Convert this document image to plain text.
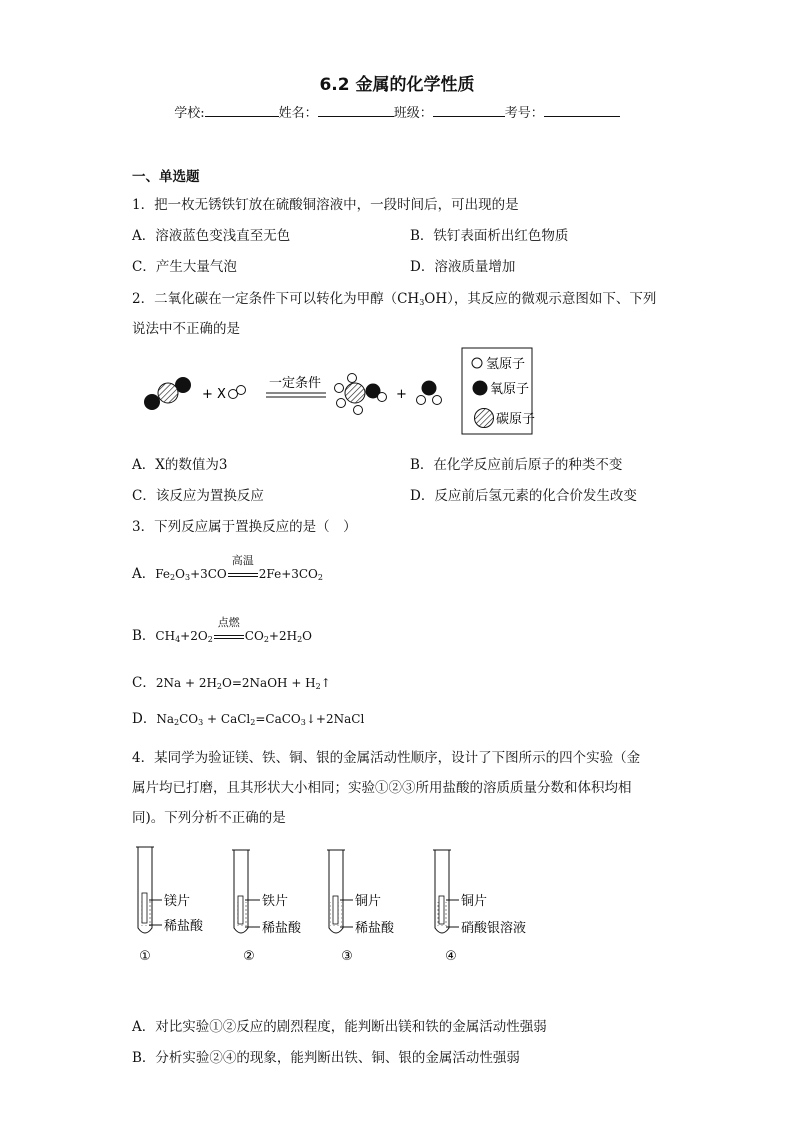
6.2 金属的化学性质
学校:	姓名：	班级：	考号：
一、单选题
1．把一枚无锈铁钉放在硫酸铜溶液中，一段时间后，可出现的是
A．溶液蓝色变浅直至无色	B．铁钉表面析出红色物质
C．产生大量气泡	D．溶液质量增加
2．二氧化碳在一定条件下可以转化为甲醇$(CH_3OH)$，其反应的微观示意图如下、下列
说法中不正确的是
+ X
一定条件
+
氢原子
氧原子
碳原子
A．X的数值为3	B．在化学反应前后原子的种类不变
C．该反应为置换反应	D．反应前后氢元素的化合价发生改变
3．下列反应属于置换反应的是（　）
A．$Fe_2O_3+3CO$
高温
$2Fe+3CO_2$
B．$CH_4+2O_2$
点燃
$CO_2+2H_2O$
C．$2Na + 2H_2O=2NaOH$ + $H_2↑$
D．$Na_2CO_3$ + CaCl$_2$=CaCO$_3$↓+2NaCl
4．某同学为验证镁、铁、铜、银的金属活动性顺序，设计了下图所示的四个实验（金
属片均已打磨，且其形状大小相同；实验①②③所用盐酸的溶质质量分数和体积均相
同)。下列分析不正确的是
镁片
稀盐酸
①
铁片
稀盐酸
②
铜片
稀盐酸
③
铜片
硝酸银溶液
④
A．对比实验①②反应的剧烈程度，能判断出镁和铁的金属活动性强弱
B．分析实验②④的现象，能判断出铁、铜、银的金属活动性强弱
